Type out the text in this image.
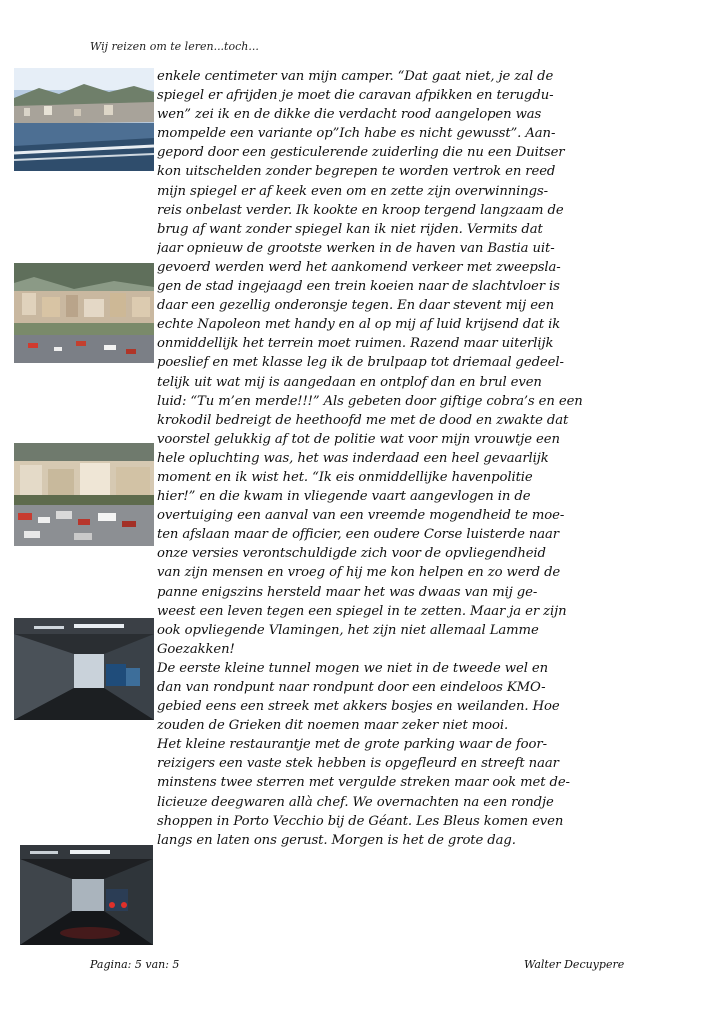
Wij reizen om te leren...toch...
enkele centimeter van mijn camper. “Dat gaat niet, je zal de
spiegel er afrijden je moet die caravan afpikken en terugdu-
wen” zei ik en de dikke die verdacht rood aangelopen was
mompelde een variante op”Ich habe es nicht gewusst”. Aan-
gepord door een gesticulerende zuiderling die nu een Duitser
kon uitschelden zonder begrepen te worden vertrok en reed
mijn spiegel er af keek even om en zette zijn overwinnings-
reis onbelast verder. Ik kookte en kroop tergend langzaam de
brug af want zonder spiegel kan ik niet rijden. Vermits dat
jaar opnieuw de grootste werken in de haven van Bastia uit-
gevoerd werden werd het aankomend verkeer met zweepsla-
gen de stad ingejaagd een trein koeien naar de slachtvloer is
daar een gezellig onderonsje tegen. En daar stevent mij een
echte Napoleon met handy en al op mij af luid krijsend dat ik
onmiddellijk het terrein moet ruimen. Razend maar uiterlijk
poeslief en met klasse leg ik de brulpaap tot driemaal gedeel-
telijk uit wat mij is aangedaan en ontplof dan en brul even
luid: “Tu m’en merde!!!” Als gebeten door giftige cobra’s en een
krokodil bedreigt de heethoofd me met de dood en zwakte dat
voorstel gelukkig af tot de politie wat voor mijn vrouwtje een
hele opluchting was, het was inderdaad een heel gevaarlijk
moment en ik wist het. “Ik eis onmiddellijke havenpolitie
hier!” en die kwam in vliegende vaart aangevlogen in de
overtuiging een aanval van een vreemde mogendheid te moe-
ten afslaan maar de officier, een oudere Corse luisterde naar
onze versies verontschuldigde zich voor de opvliegendheid
van zijn mensen en vroeg of hij me kon helpen en zo werd de
panne enigszins hersteld maar het was dwaas van mij ge-
weest een leven tegen een spiegel in te zetten. Maar ja er zijn
ook opvliegende Vlamingen, het zijn niet allemaal Lamme
Goezakken!
De eerste kleine tunnel mogen we niet in de tweede wel en
dan van rondpunt naar rondpunt door een eindeloos KMO-
gebied eens een streek met akkers bosjes en weilanden. Hoe
zouden de Grieken dit noemen maar zeker niet mooi.
Het kleine restaurantje met de grote parking waar de foor-
reizigers een vaste stek hebben is opgefleurd en streeft naar
minstens twee sterren met vergulde streken maar ook met de-
licieuze deegwaren allà chef. We overnachten na een rondje
shoppen in Porto Vecchio bij de Géant. Les Bleus komen even
langs en laten ons gerust. Morgen is het de grote dag.
Pagina: 5 van: 5	Walter Decuypere
